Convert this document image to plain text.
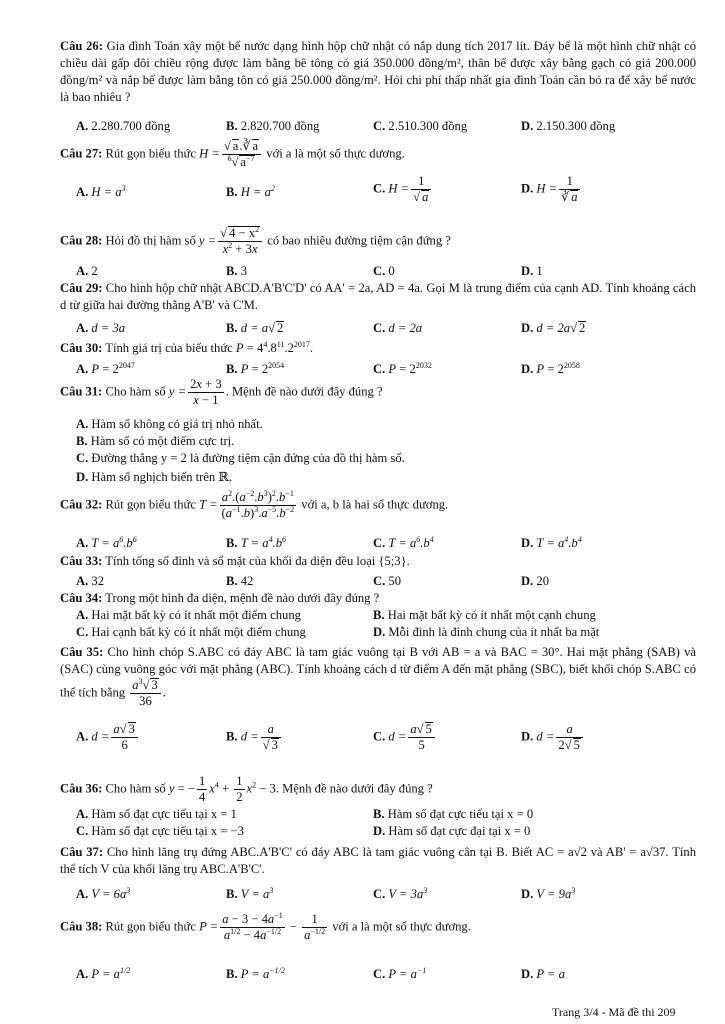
Câu 26: Gia đình Toán xây một bể nước dạng hình hộp chữ nhật có nắp dung tích 2017 lít. Đáy bể là một hình chữ nhật có chiều dài gấp đôi chiều rộng được làm bằng bê tông có giá 350.000 đồng/m², thân bể được xây bằng gạch có giá 200.000 đồng/m² và nắp bể được làm bằng tôn có giá 250.000 đồng/m². Hỏi chi phí thấp nhất gia đình Toán cần bỏ ra để xây bể nước là bao nhiêu ?
A. 2.280.700 đồng	B. 2.820.700 đồng	C. 2.510.300 đồng	D. 2.150.300 đồng
Câu 27: Rút gọn biểu thức $H = \frac{√ a.∛ a}{^6√ a^{-7}}$ với a là một số thực dương.
A. $H = a^3$	B. $H = a^2$	C. $H = \frac{1}{√ a}$	D. $H = \frac{1}{∛ a}$
Câu 28: Hỏi đồ thị hàm số $y = \frac{√ 4 - x^2}{x^2 + 3x}$ có bao nhiêu đường tiệm cận đứng ?
A. 2	B. 3	C. 0	D. 1
Câu 29: Cho hình hộp chữ nhật ABCD.A'B'C'D' có AA' = 2a, AD = 4a. Gọi M là trung điểm của cạnh AD. Tính khoảng cách d từ giữa hai đường thẳng A'B' và C'M.
A. d = 3a	B. d = a√ 2	C. d = 2a	D. d = 2a√ 2
Câu 30: Tính giá trị của biểu thức $P = 4^4.8^{11}.2^{2017}$.
A. $P = 2^{2047}$	B. $P = 2^{2054}$	C. $P = 2^{2032}$	D. $P = 2^{2058}$
Câu 31: Cho hàm số $y = \frac{2x + 3}{x - 1}$ . Mệnh đề nào dưới đây đúng ?
A. Hàm số không có giá trị nhỏ nhất.
B. Hàm số có một điểm cực trị.
C. Đường thẳng y = 2 là đường tiệm cận đứng của đồ thị hàm số.
D. Hàm số nghịch biến trên ℝ.
Câu 32: Rút gọn biểu thức $T = \frac{a^2.(a^{-2}.b^3)^2.b^{-1}}{(a^{-1}.b)^3.a^{-5}.b^{-2}}$ với a, b là hai số thực dương.
A. $T = a^6.b^6$	B. $T = a^4.b^6$	C. $T = a^6.b^4$	D. $T = a^4.b^4$
Câu 33: Tính tổng số đỉnh và số mặt của khối đa diện đều loại {5;3}.
A. 32	B. 42	C. 50	D. 20
Câu 34: Trong một hình đa diện, mệnh đề nào dưới đây đúng ?
A. Hai mặt bất kỳ có ít nhất một điểm chung	B. Hai mặt bất kỳ có ít nhất một cạnh chung
C. Hai cạnh bất kỳ có ít nhất một điểm chung	D. Mỗi đỉnh là đỉnh chung của ít nhất ba mặt
Câu 35: Cho hình chóp S.ABC có đáy ABC là tam giác vuông tại B với AB = a và BAC = 30°. Hai mặt phẳng (SAB) và (SAC) cùng vuông góc với mặt phẳng (ABC). Tính khoảng cách d từ điểm A đến mặt phẳng (SBC), biết khối chóp S.ABC có thể tích bằng $\frac{a^3√ 3}{36}$ .
A. $d = \frac{a√ 3}{6}$	B. $d = \frac{a}{√ 3}$	C. $d = \frac{a√ 5}{5}$	D. $d = \frac{a}{2√ 5}$
Câu 36: Cho hàm số y = − $\frac{1}{4} x^4 + \frac{1}{2} x^2 - 3$. Mệnh đề nào dưới đây đúng ?
A. Hàm số đạt cực tiểu tại x = 1	B. Hàm số đạt cực tiểu tại x = 0
C. Hàm số đạt cực tiểu tại x = −3	D. Hàm số đạt cực đại tại x = 0
Câu 37: Cho hình lăng trụ đứng ABC.A'B'C' có đáy ABC là tam giác vuông cân tại B. Biết AC = a√2 và AB' = a√37. Tính thể tích V của khối lăng trụ ABC.A'B'C'.
A. $V = 6a^3$	B. $V = a^3$	C. $V = 3a^3$	D. $V = 9a^3$
Câu 38: Rút gọn biểu thức $P = \frac{a - 3 - 4a^{-1}}{a^{1/2} - 4a^{-1/2}} - \frac{1}{a^{-1/2}}$ với a là một số thực dương.
A. $P = a^{1/2}$	B. $P = a^{-1/2}$	C. $P = a^{-1}$	D. P = a
Trang 3/4 - Mã đề thi 209
